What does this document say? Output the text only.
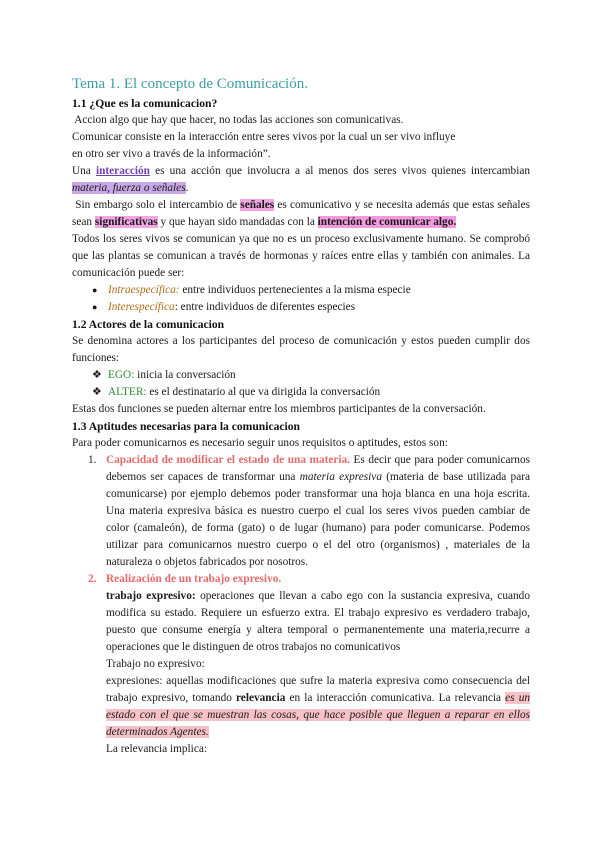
Tema 1. El concepto de Comunicación.
1.1 ¿Que es la comunicacion?

Accion algo que hay que hacer, no todas las acciones son comunicativas.

Comunicar consiste en la interacción entre seres vivos por la cual un ser vivo influye

en otro ser vivo a través de la información”.

Una interacción es una acción que involucra a al menos dos seres vivos quienes intercambian materia, fuerza o señales.

Sin embargo solo el intercambio de señales es comunicativo y se necesita además que estas señales sean significativas y que hayan sido mandadas con la intención de comunicar algo.

Todos los seres vivos se comunican ya que no es un proceso exclusivamente humano. Se comprobó que las plantas se comunican a través de hormonas y raíces entre ellas y también con animales. La comunicación puede ser:

● Intraespecífica: entre individuos pertenecientes a la misma especie
● Interespecífica: entre individuos de diferentes especies
1.2 Actores de la comunicacion

Se denomina actores a los participantes del proceso de comunicación y estos pueden cumplir dos funciones:

❖ EGO: inicia la conversación
❖ ALTER: es el destinatario al que va dirigida la conversación

Estas dos funciones se pueden alternar entre los miembros participantes de la conversación.

1.3 Aptitudes necesarias para la comunicacion

Para poder comunicarnos es necesario seguir unos requisitos o aptitudes, estos son:

1. Capacidad de modificar el estado de una materia. Es decir que para poder comunicarnos debemos ser capaces de transformar una materia expresiva (materia de base utilizada para comunicarse) por ejemplo debemos poder transformar una hoja blanca en una hoja escrita. Una materia expresiva básica es nuestro cuerpo el cual los seres vivos pueden cambiar de color (camaleón), de forma (gato) o de lugar (humano) para poder comunicarse. Podemos utilizar para comunicarnos nuestro cuerpo o el del otro (organismos) , materiales de la naturaleza o objetos fabricados por nosotros.
2. Realización de un trabajo expresivo.

trabajo expresivo: operaciones que llevan a cabo ego con la sustancia expresiva, cuando modifica su estado. Requiere un esfuerzo extra. El trabajo expresivo es verdadero trabajo, puesto que consume energía y altera temporal o permanentemente una materia,recurre a operaciones que le distinguen de otros trabajos no comunicativos

Trabajo no expresivo:

expresiones: aquellas modificaciones que sufre la materia expresiva como consecuencia del trabajo expresivo, tomando relevancia en la interacción comunicativa. La relevancia es un estado con el que se muestran las cosas, que hace posible que lleguen a reparar en ellos determinados Agentes.

La relevancia implica:
